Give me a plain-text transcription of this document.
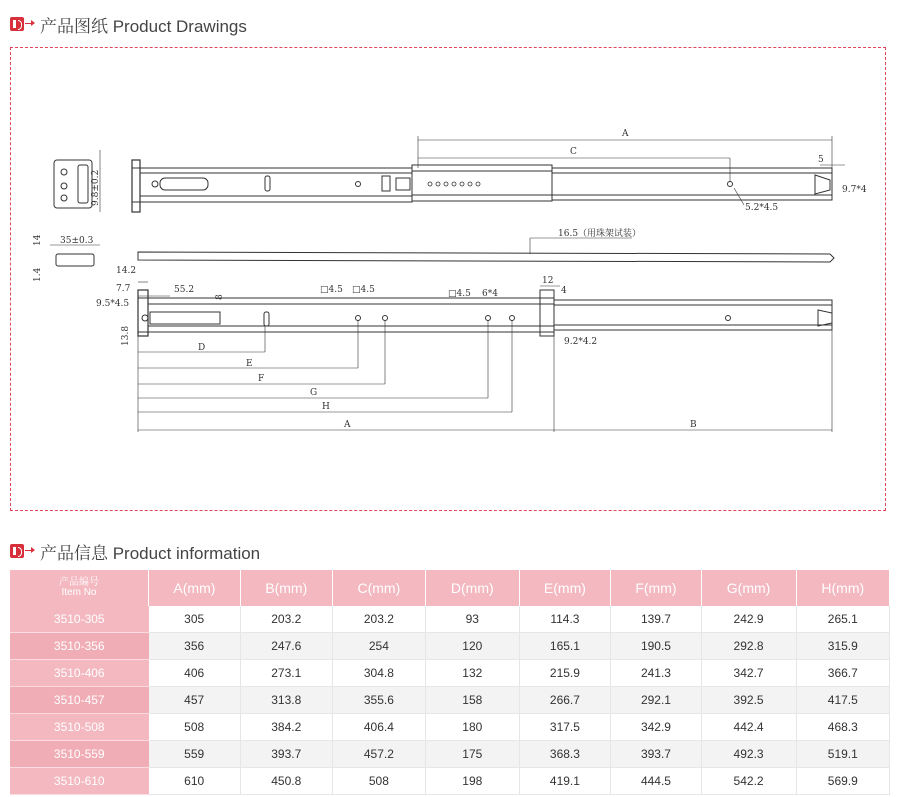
产品图纸 Product Drawings
A
C
5
9.7*4
5.2*4.5
16.5（用珠架试装）
9.8±0.2
35±0.3
14
1.4	14.2
7.7	55.2
8
9.5*4.5
13.8
□4.5 □4.5	□4.5 6*4
12
4
9.2*4.2
D
E
F
G
H
A	B
产品信息 Product information
产品编号
Item No	A(mm)	B(mm)	C(mm)	D(mm)	E(mm)	F(mm)	G(mm)	H(mm)
3510-305	305	203.2	203.2	93	114.3	139.7	242.9	265.1
3510-356	356	247.6	254	120	165.1	190.5	292.8	315.9
3510-406	406	273.1	304.8	132	215.9	241.3	342.7	366.7
3510-457	457	313.8	355.6	158	266.7	292.1	392.5	417.5
3510-508	508	384.2	406.4	180	317.5	342.9	442.4	468.3
3510-559	559	393.7	457.2	175	368.3	393.7	492.3	519.1
3510-610	610	450.8	508	198	419.1	444.5	542.2	569.9
